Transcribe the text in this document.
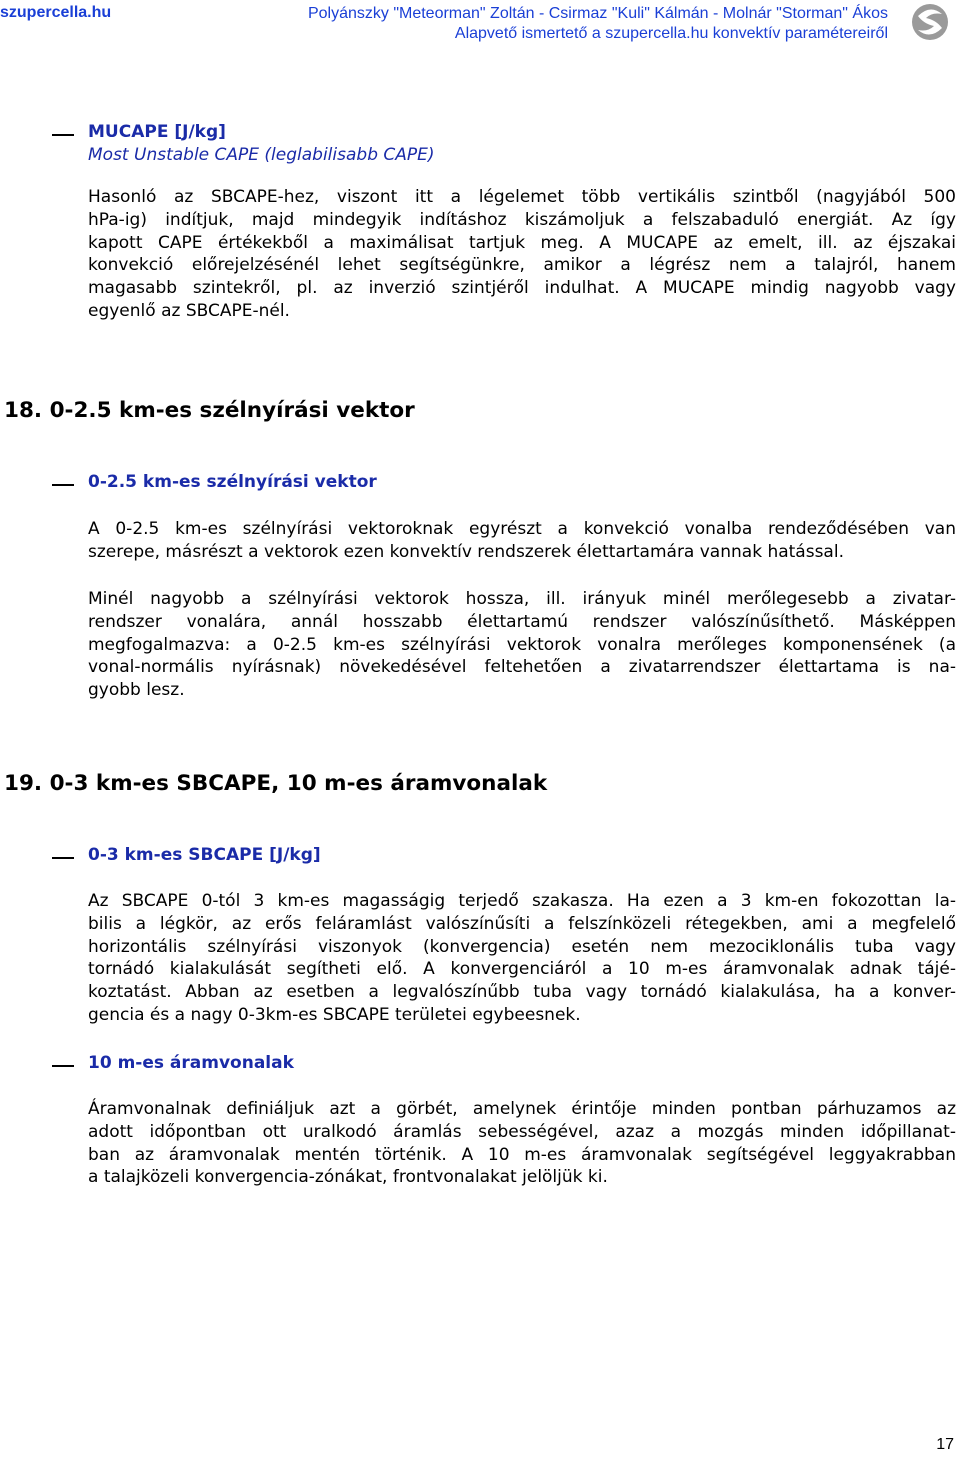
szupercella.hu	Polyánszky "Meteorman" Zoltán - Csirmaz "Kuli" Kálmán - Molnár "Storman" Ákos
Alapvető ismertető a szupercella.hu konvektív paramétereiről
MUCAPE [J/kg]
Most Unstable CAPE (leglabilisabb CAPE)
Hasonló az SBCAPE-hez, viszont itt a légelemet több vertikális szintből (nagyjából 500
hPa-ig) indítjuk, majd mindegyik indításhoz kiszámoljuk a felszabaduló energiát. Az így
kapott CAPE értékekből a maximálisat tartjuk meg. A MUCAPE az emelt, ill. az éjszakai
konvekció előrejelzésénél lehet segítségünkre, amikor a légrész nem a talajról, hanem
magasabb szintekről, pl. az inverzió szintjéről indulhat. A MUCAPE mindig nagyobb vagy
egyenlő az SBCAPE-nél.
18. 0-2.5 km-es szélnyírási vektor
0-2.5 km-es szélnyírási vektor
A 0-2.5 km-es szélnyírási vektoroknak egyrészt a konvekció vonalba rendeződésében van
szerepe, másrészt a vektorok ezen konvektív rendszerek élettartamára vannak hatással.
Minél nagyobb a szélnyírási vektorok hossza, ill. irányuk minél merőlegesebb a zivatar-
rendszer vonalára, annál hosszabb élettartamú rendszer valószínűsíthető. Másképpen
megfogalmazva: a 0-2.5 km-es szélnyírási vektorok vonalra merőleges komponensének (a
vonal-normális nyírásnak) növekedésével feltehetően a zivatarrendszer élettartama is na-
gyobb lesz.
19. 0-3 km-es SBCAPE, 10 m-es áramvonalak
0-3 km-es SBCAPE [J/kg]
Az SBCAPE 0-tól 3 km-es magasságig terjedő szakasza. Ha ezen a 3 km-en fokozottan la-
bilis a légkör, az erős feláramlást valószínűsíti a felszínközeli rétegekben, ami a megfelelő
horizontális szélnyírási viszonyok (konvergencia) esetén nem mezociklonális tuba vagy
tornádó kialakulását segítheti elő. A konvergenciáról a 10 m-es áramvonalak adnak tájé-
koztatást. Abban az esetben a legvalószínűbb tuba vagy tornádó kialakulása, ha a konver-
gencia és a nagy 0-3km-es SBCAPE területei egybeesnek.
10 m-es áramvonalak
Áramvonalnak definiáljuk azt a görbét, amelynek érintője minden pontban párhuzamos az
adott időpontban ott uralkodó áramlás sebességével, azaz a mozgás minden időpillanat-
ban az áramvonalak mentén történik. A 10 m-es áramvonalak segítségével leggyakrabban
a talajközeli konvergencia-zónákat, frontvonalakat jelöljük ki.
17
